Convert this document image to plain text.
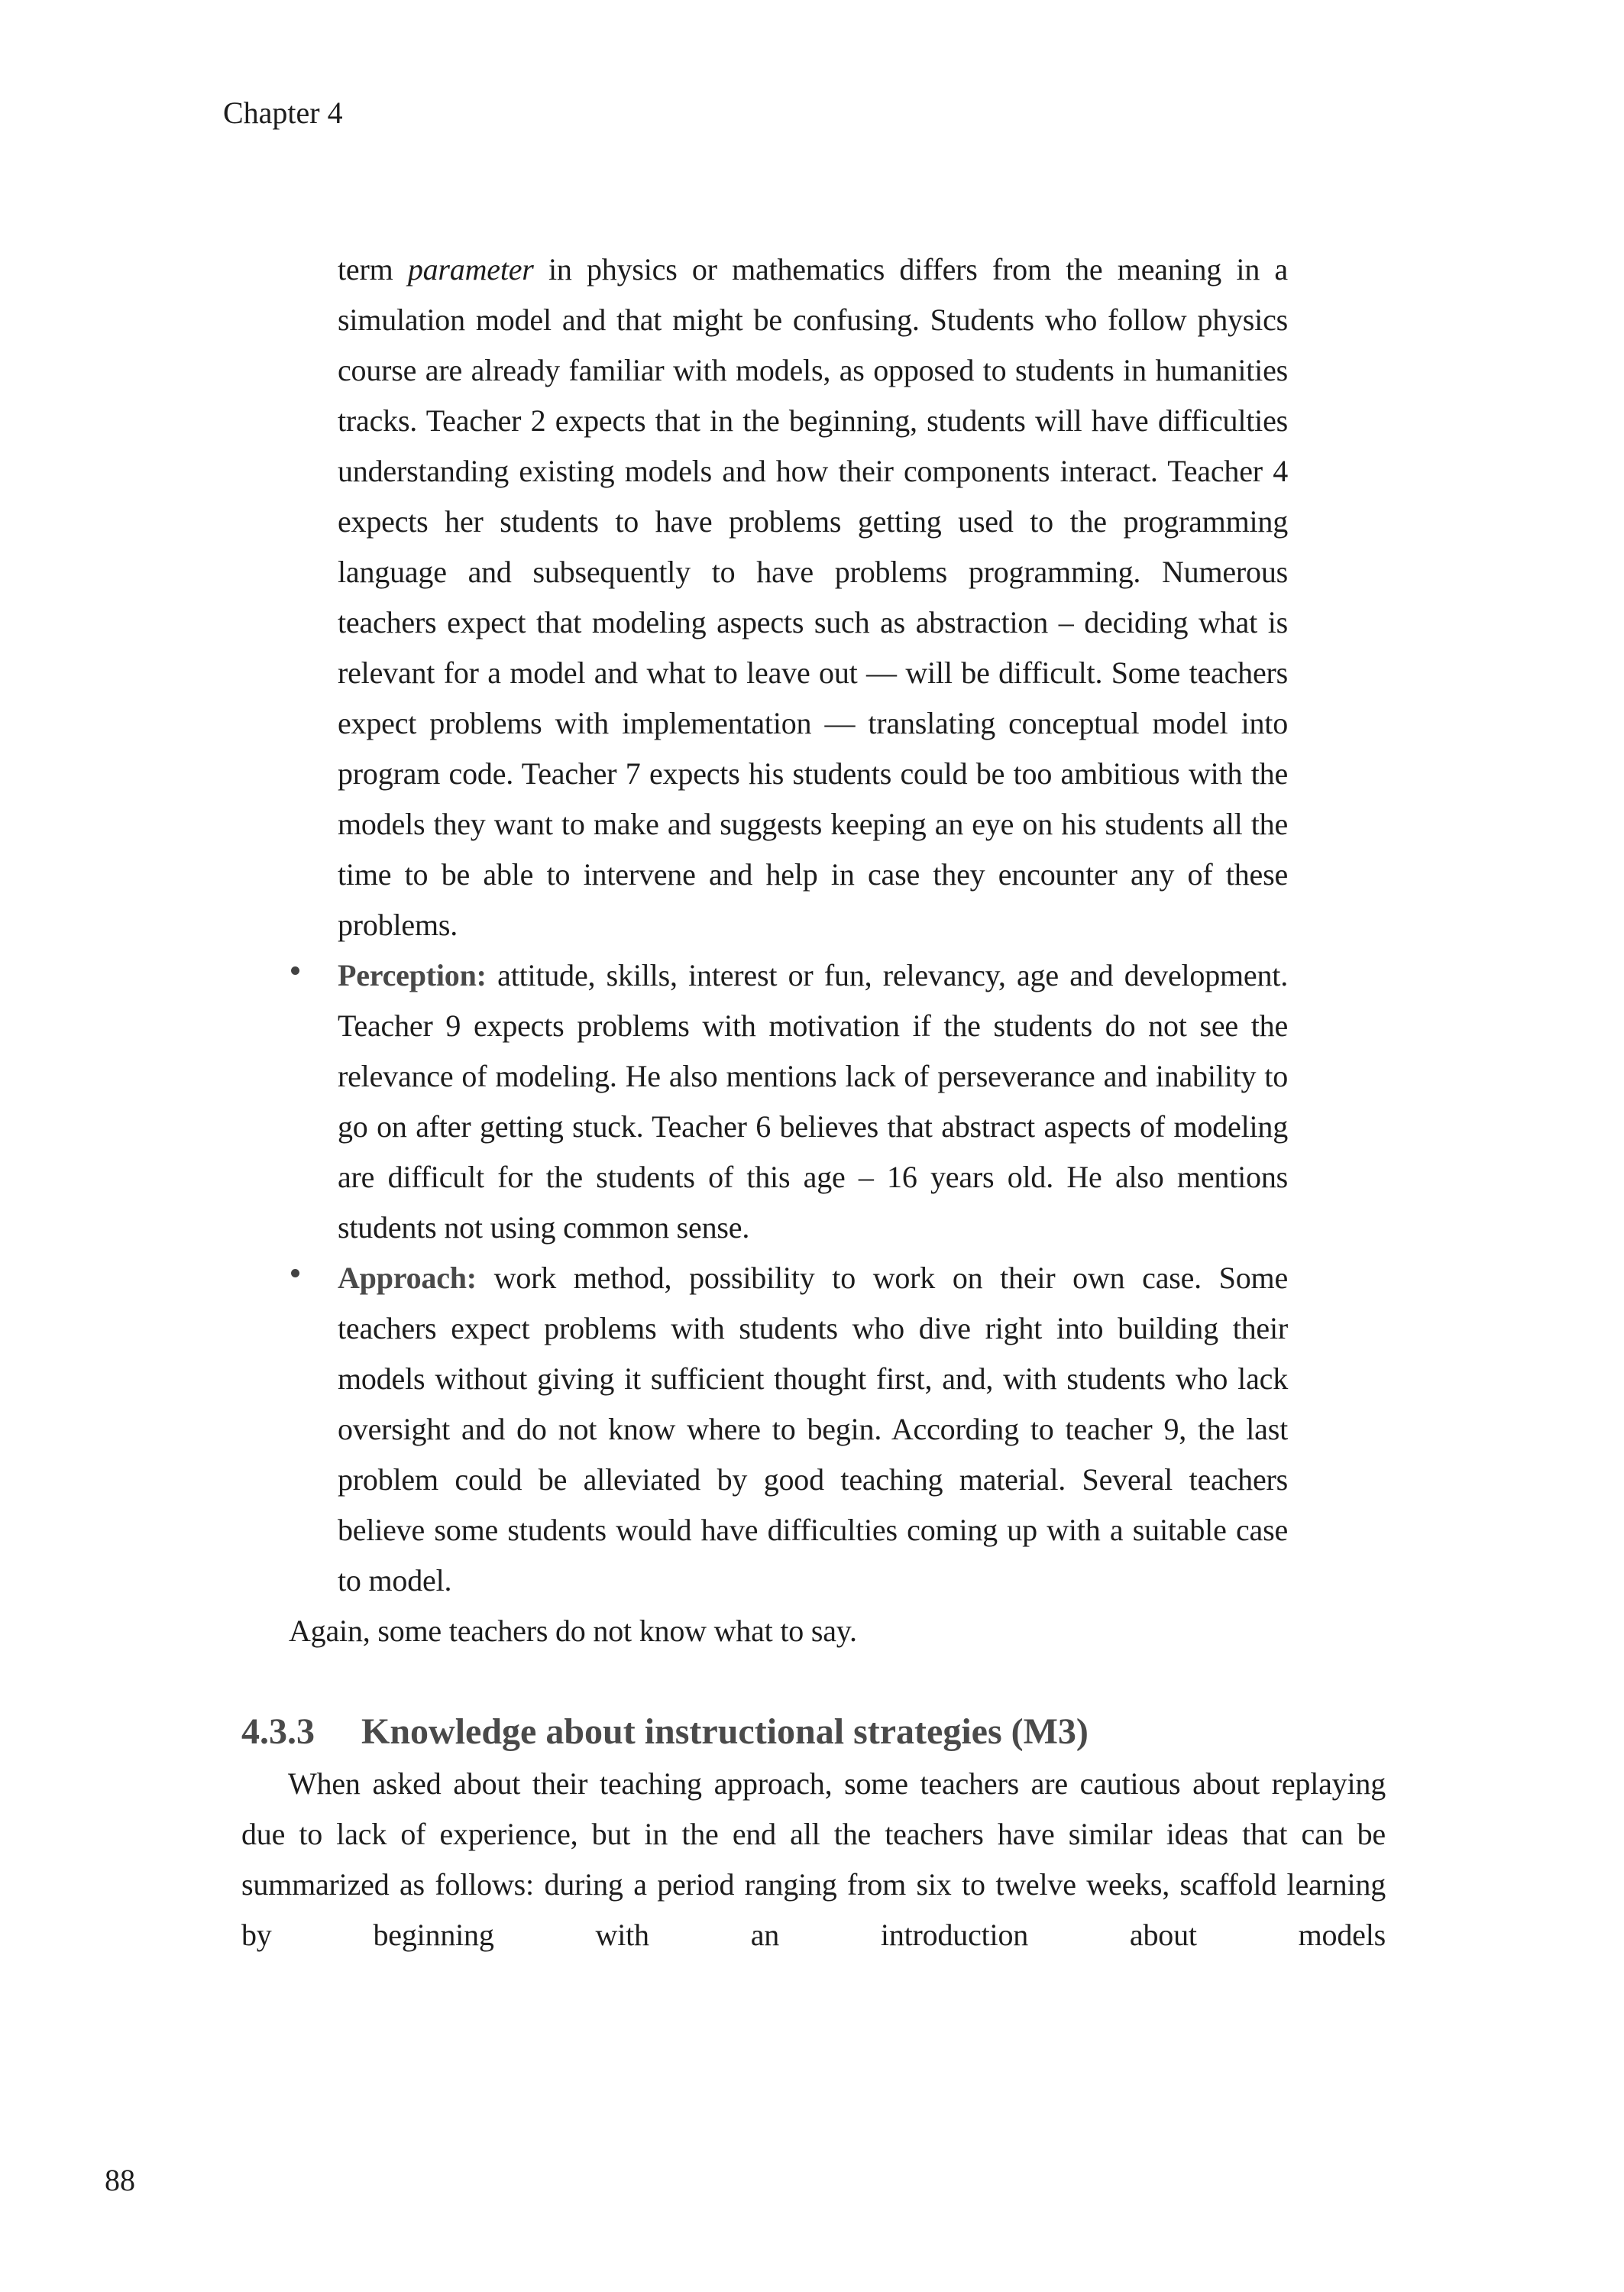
Chapter 4
term parameter in physics or mathematics differs from the meaning in a simulation model and that might be confusing. Students who follow physics course are already familiar with models, as opposed to students in humanities tracks. Teacher 2 expects that in the beginning, students will have difficulties understanding existing models and how their components interact. Teacher 4 expects her students to have problems getting used to the programming language and subsequently to have problems programming. Numerous teachers expect that modeling aspects such as abstraction – deciding what is relevant for a model and what to leave out — will be difficult. Some teachers expect problems with implementation — translating conceptual model into program code. Teacher 7 expects his students could be too ambitious with the models they want to make and suggests keeping an eye on his students all the time to be able to intervene and help in case they encounter any of these problems.
Perception: attitude, skills, interest or fun, relevancy, age and development. Teacher 9 expects problems with motivation if the students do not see the relevance of modeling. He also mentions lack of perseverance and inability to go on after getting stuck. Teacher 6 believes that abstract aspects of modeling are difficult for the students of this age – 16 years old. He also mentions students not using common sense.
Approach: work method, possibility to work on their own case. Some teachers expect problems with students who dive right into building their models without giving it sufficient thought first, and, with students who lack oversight and do not know where to begin. According to teacher 9, the last problem could be alleviated by good teaching material. Several teachers believe some students would have difficulties coming up with a suitable case to model.
Again, some teachers do not know what to say.
4.3.3 Knowledge about instructional strategies (M3)
When asked about their teaching approach, some teachers are cautious about replaying due to lack of experience, but in the end all the teachers have similar ideas that can be summarized as follows: during a period ranging from six to twelve weeks, scaffold learning by beginning with an introduction about models
88
